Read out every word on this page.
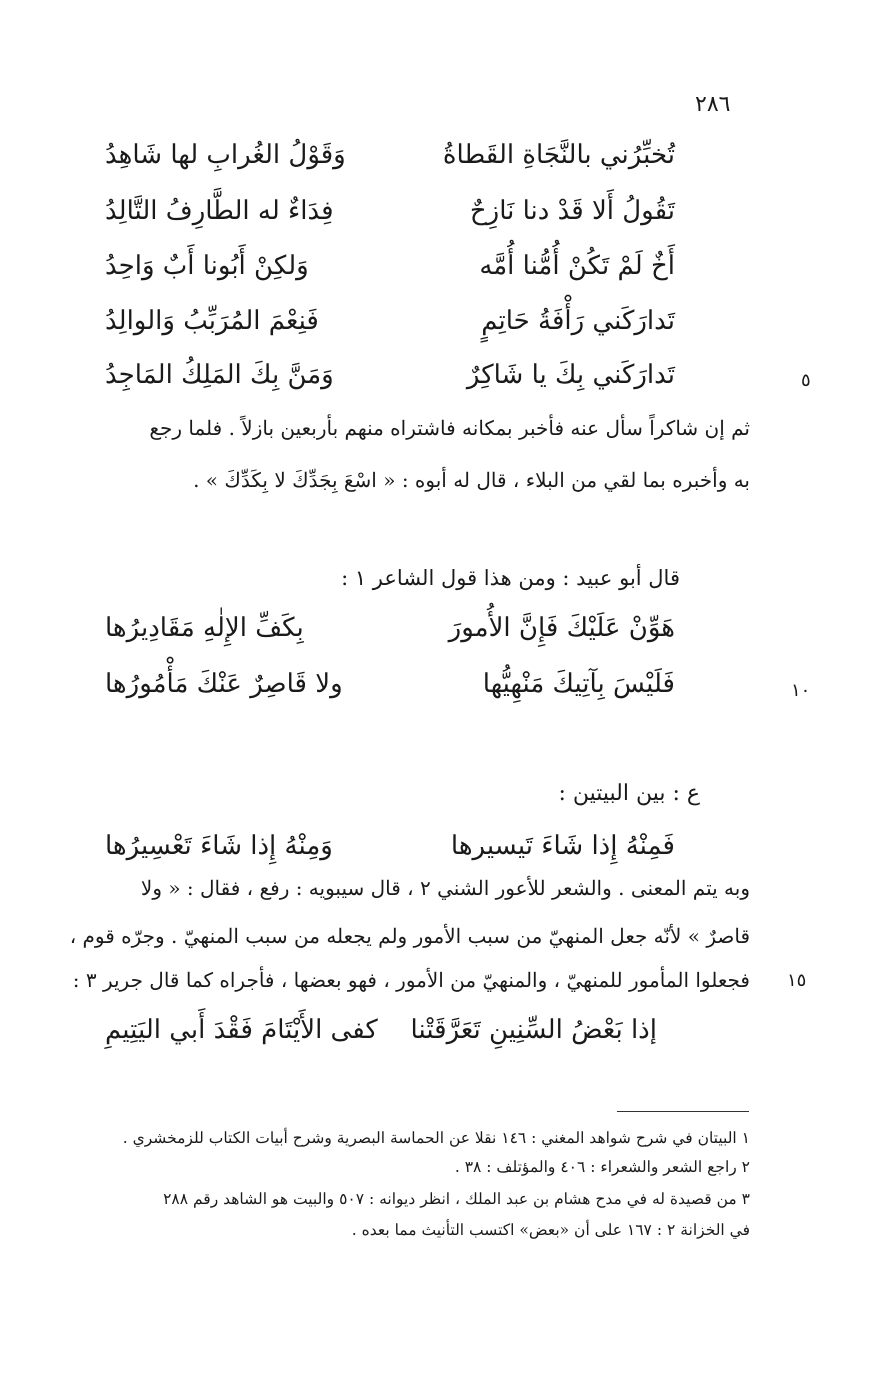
٢٨٦
وَقَوْلُ الغُرابِ لها شَاهِدُ	تُخبِّرُني بالنَّجَاةِ القَطاةُ
فِدَاءٌ له الطَّارِفُ التَّالِدُ	تَقُولُ أَلا قَدْ دنا نَازِحٌ
وَلكِنْ أَبُونا أَبٌ وَاحِدُ	أَخٌ لَمْ تَكُنْ أُمُّنا أُمَّه
فَنِعْمَ المُرَبِّبُ وَالوالِدُ	تَدارَكَني رَأْفَةُ حَاتِمٍ
وَمَنَّ بِكَ المَلِكُ المَاجِدُ	تَدارَكَني بِكَ يا شَاكِرٌ	٥
ثم إن شاكراً سأل عنه فأخبر بمكانه فاشتراه منهم بأربعين بازلاً . فلما رجع
به وأخبره بما لقي من البلاء ، قال له أبوه : « اسْعَ بِجَدِّكَ لا بِكَدِّكَ » .
قال أبو عبيد : ومن هذا قول الشاعر ١ :
بِكَفِّ الإِلٰهِ مَقَادِيرُها	هَوِّنْ عَلَيْكَ فَإِنَّ الأُمورَ
ولا قَاصِرٌ عَنْكَ مَأْمُورُها	فَلَيْسَ بِآتِيكَ مَنْهِيُّها	١٠
ع : بين البيتين :
وَمِنْهُ إِذا شَاءَ تَعْسِيرُها	فَمِنْهُ إِذا شَاءَ تَيسيرها
وبه يتم المعنى . والشعر للأعور الشني ٢ ، قال سيبويه : رفع ، فقال : « ولا
قاصرٌ » لأنّه جعل المنهيّ من سبب الأمور ولم يجعله من سبب المنهيّ . وجرّه قوم ،
فجعلوا المأمور للمنهيّ ، والمنهيّ من الأمور ، فهو بعضها ، فأجراه كما قال جرير ٣ : ١٥
كفى الأَيْتَامَ فَقْدَ أَبي اليَتِيمِ إذا بَعْضُ السِّنِينِ تَعَرَّقَتْنا
١ البيتان في شرح شواهد المغني : ١٤٦ نقلا عن الحماسة البصرية وشرح أبيات الكتاب للزمخشري .
٢ راجع الشعر والشعراء : ٤٠٦ والمؤتلف : ٣٨ .
٣ من قصيدة له في مدح هشام بن عبد الملك ، انظر ديوانه : ٥٠٧ والبيت هو الشاهد رقم ٢٨٨
في الخزانة ٢ : ١٦٧ على أن «بعض» اكتسب التأنيث مما بعده .
